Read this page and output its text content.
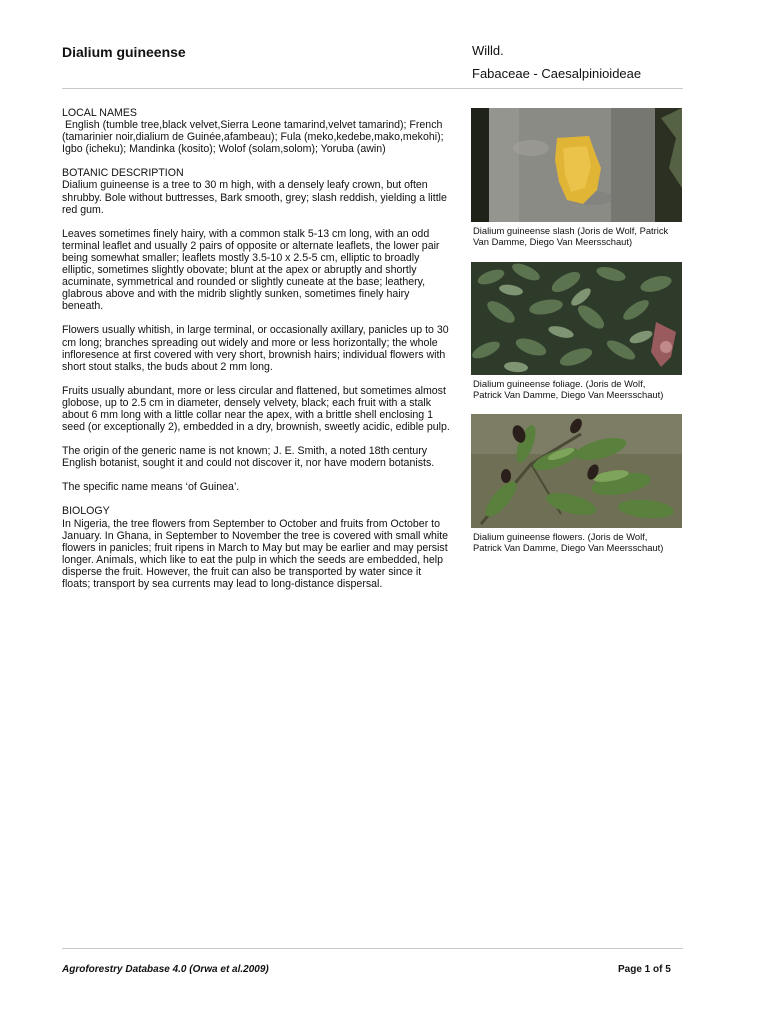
Dialium guineense	Willd.
Fabaceae - Caesalpinioideae

LOCAL NAMES

English (tumble tree,black velvet,Sierra Leone tamarind,velvet tamarind); French (tamarinier noir,dialium de Guinée,afambeau); Fula (meko,kedebe,mako,mekohi); Igbo (icheku); Mandinka (kosito); Wolof (solam,solom); Yoruba (awin)

BOTANIC DESCRIPTION

Dialium guineense is a tree to 30 m high, with a densely leafy crown, but often shrubby. Bole without buttresses, Bark smooth, grey; slash reddish, yielding a little red gum.

Leaves sometimes finely hairy, with a common stalk 5-13 cm long, with an odd terminal leaflet and usually 2 pairs of opposite or alternate leaflets, the lower pair being somewhat smaller; leaflets mostly 3.5-10 x 2.5-5 cm, elliptic to broadly elliptic, sometimes slightly obovate; blunt at the apex or abruptly and shortly acuminate, symmetrical and rounded or slightly cuneate at the base; leathery, glabrous above and with the midrib slightly sunken, sometimes finely hairy beneath.

Flowers usually whitish, in large terminal, or occasionally axillary, panicles up to 30 cm long; branches spreading out widely and more or less horizontally; the whole infloresence at first covered with very short, brownish hairs; individual flowers with short stout stalks, the buds about 2 mm long.

Fruits usually abundant, more or less circular and flattened, but sometimes almost globose, up to 2.5 cm in diameter, densely velvety, black; each fruit with a stalk about 6 mm long with a little collar near the apex, with a brittle shell enclosing 1 seed (or exceptionally 2), embedded in a dry, brownish, sweetly acidic, edible pulp.

The origin of the generic name is not known; J. E. Smith, a noted 18th century English botanist, sought it and could not discover it, nor have modern botanists.

The specific name means ‘of Guinea’.

BIOLOGY

In Nigeria, the tree flowers from September to October and fruits from October to January. In Ghana, in September to November the tree is covered with small white flowers in panicles; fruit ripens in March to May but may be earlier and may persist longer. Animals, which like to eat the pulp in which the seeds are embedded, help disperse the fruit. However, the fruit can also be transported by water since it floats; transport by sea currents may lead to long-distance dispersal.

Dialium guineense slash (Joris de Wolf, Patrick Van Damme, Diego Van Meersschaut)
Dialium guineense foliage. (Joris de Wolf, Patrick Van Damme, Diego Van Meersschaut)
Dialium guineense flowers. (Joris de Wolf, Patrick Van Damme, Diego Van Meersschaut)
Agroforestry Database 4.0 (Orwa et al.2009)	Page 1 of 5
